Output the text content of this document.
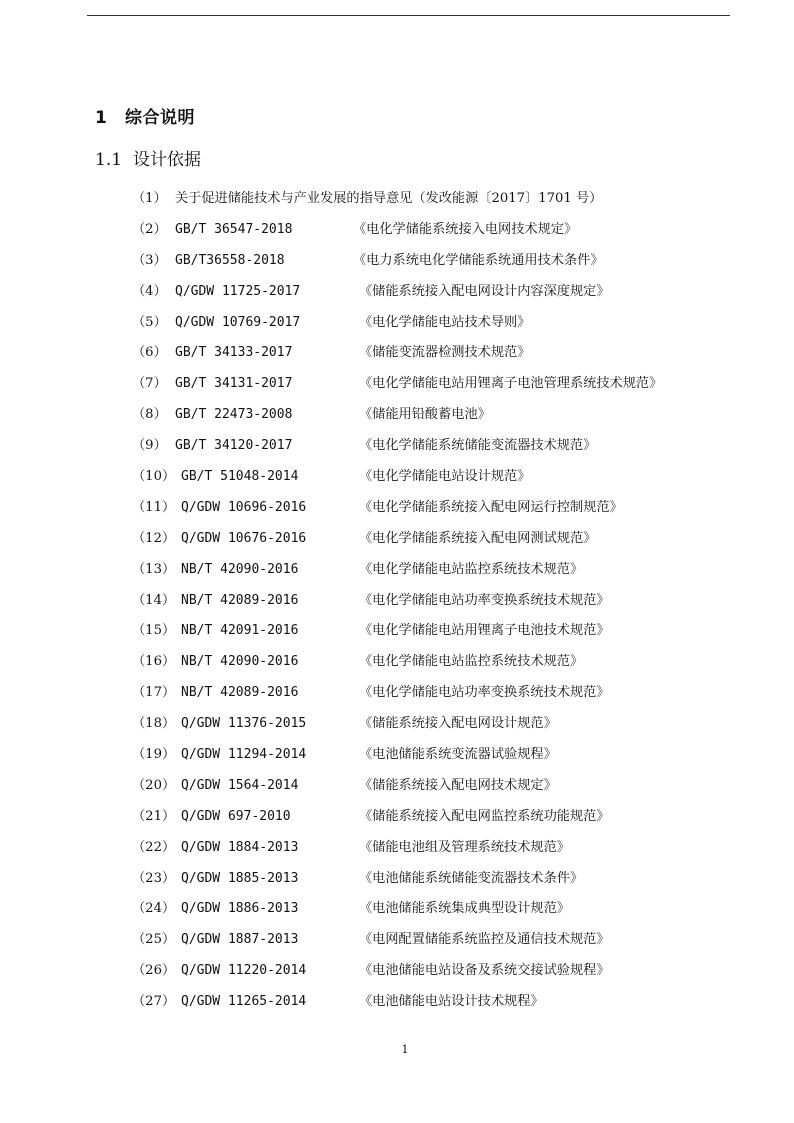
1 综合说明
1.1 设计依据
（1） 关于促进储能技术与产业发展的指导意见（发改能源〔2017〕1701 号）
（2） GB/T 36547-2018	《电化学储能系统接入电网技术规定》
（3） GB/T36558-2018	《电力系统电化学储能系统通用技术条件》
（4） Q/GDW 11725-2017	《储能系统接入配电网设计内容深度规定》
（5） Q/GDW 10769-2017	《电化学储能电站技术导则》
（6） GB/T 34133-2017	《储能变流器检测技术规范》
（7） GB/T 34131-2017	《电化学储能电站用锂离子电池管理系统技术规范》
（8） GB/T 22473-2008	《储能用铅酸蓄电池》
（9） GB/T 34120-2017	《电化学储能系统储能变流器技术规范》
（10） GB/T 51048-2014	《电化学储能电站设计规范》
（11） Q/GDW 10696-2016	《电化学储能系统接入配电网运行控制规范》
（12） Q/GDW 10676-2016	《电化学储能系统接入配电网测试规范》
（13） NB/T 42090-2016	《电化学储能电站监控系统技术规范》
（14） NB/T 42089-2016	《电化学储能电站功率变换系统技术规范》
（15） NB/T 42091-2016	《电化学储能电站用锂离子电池技术规范》
（16） NB/T 42090-2016	《电化学储能电站监控系统技术规范》
（17） NB/T 42089-2016	《电化学储能电站功率变换系统技术规范》
（18） Q/GDW 11376-2015	《储能系统接入配电网设计规范》
（19） Q/GDW 11294-2014	《电池储能系统变流器试验规程》
（20） Q/GDW 1564-2014	《储能系统接入配电网技术规定》
（21） Q/GDW 697-2010	《储能系统接入配电网监控系统功能规范》
（22） Q/GDW 1884-2013	《储能电池组及管理系统技术规范》
（23） Q/GDW 1885-2013	《电池储能系统储能变流器技术条件》
（24） Q/GDW 1886-2013	《电池储能系统集成典型设计规范》
（25） Q/GDW 1887-2013	《电网配置储能系统监控及通信技术规范》
（26） Q/GDW 11220-2014	《电池储能电站设备及系统交接试验规程》
（27） Q/GDW 11265-2014	《电池储能电站设计技术规程》
1
